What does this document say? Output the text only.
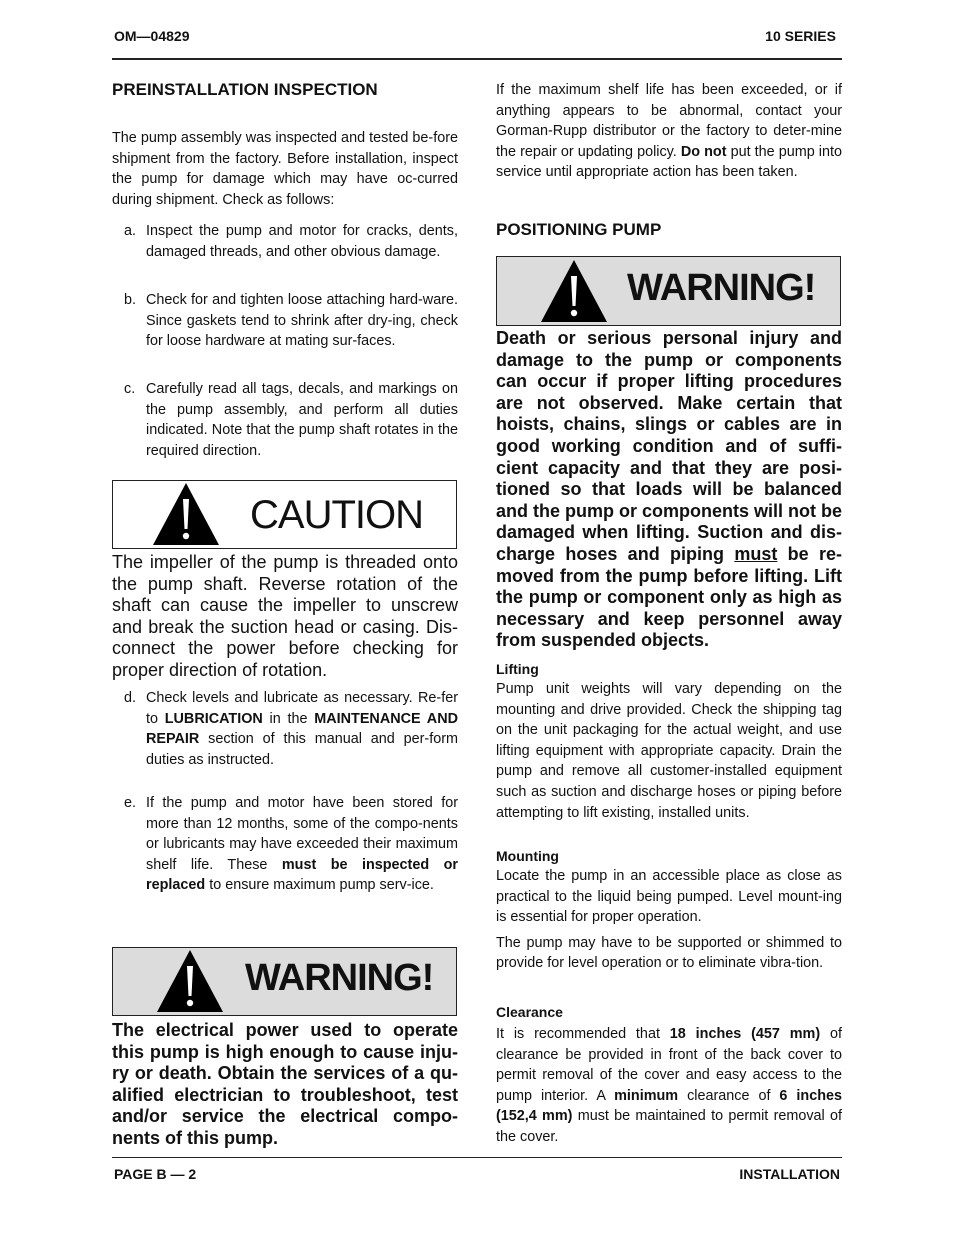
OM—04829	10 SERIES
PREINSTALLATION INSPECTION

The pump assembly was inspected and tested be-fore shipment from the factory. Before installation, inspect the pump for damage which may have oc-curred during shipment. Check as follows:

a. Inspect the pump and motor for cracks, dents, damaged threads, and other obvious damage.
b. Check for and tighten loose attaching hard-ware. Since gaskets tend to shrink after dry-ing, check for loose hardware at mating sur-faces.
c. Carefully read all tags, decals, and markings on the pump assembly, and perform all duties indicated. Note that the pump shaft rotates in the required direction.
CAUTION

The impeller of the pump is threaded onto the pump shaft. Reverse rotation of the shaft can cause the impeller to unscrew and break the suction head or casing. Dis-connect the power before checking for proper direction of rotation.

d. Check levels and lubricate as necessary. Re-fer to LUBRICATION in the MAINTENANCE AND REPAIR section of this manual and per-form duties as instructed.
e. If the pump and motor have been stored for more than 12 months, some of the compo-nents or lubricants may have exceeded their maximum shelf life. These must be inspected or replaced to ensure maximum pump serv-ice.
WARNING!

The electrical power used to operate this pump is high enough to cause inju-ry or death. Obtain the services of a qu-alified electrician to troubleshoot, test and/or service the electrical compo-nents of this pump.

If the maximum shelf life has been exceeded, or if anything appears to be abnormal, contact your Gorman-Rupp distributor or the factory to deter-mine the repair or updating policy. Do not put the pump into service until appropriate action has been taken.

POSITIONING PUMP
WARNING!

Death or serious personal injury and damage to the pump or components can occur if proper lifting procedures are not observed. Make certain that hoists, chains, slings or cables are in good working condition and of suffi-cient capacity and that they are posi-tioned so that loads will be balanced and the pump or components will not be damaged when lifting. Suction and dis-charge hoses and piping must be re-moved from the pump before lifting. Lift the pump or component only as high as necessary and keep personnel away from suspended objects.

Lifting

Pump unit weights will vary depending on the mounting and drive provided. Check the shipping tag on the unit packaging for the actual weight, and use lifting equipment with appropriate capacity. Drain the pump and remove all customer-installed equipment such as suction and discharge hoses or piping before attempting to lift existing, installed units.

Mounting

Locate the pump in an accessible place as close as practical to the liquid being pumped. Level mount-ing is essential for proper operation.

The pump may have to be supported or shimmed to provide for level operation or to eliminate vibra-tion.

Clearance

It is recommended that 18 inches (457 mm) of clearance be provided in front of the back cover to permit removal of the cover and easy access to the pump interior. A minimum clearance of 6 inches (152,4 mm) must be maintained to permit removal of the cover.

PAGE B — 2	INSTALLATION
